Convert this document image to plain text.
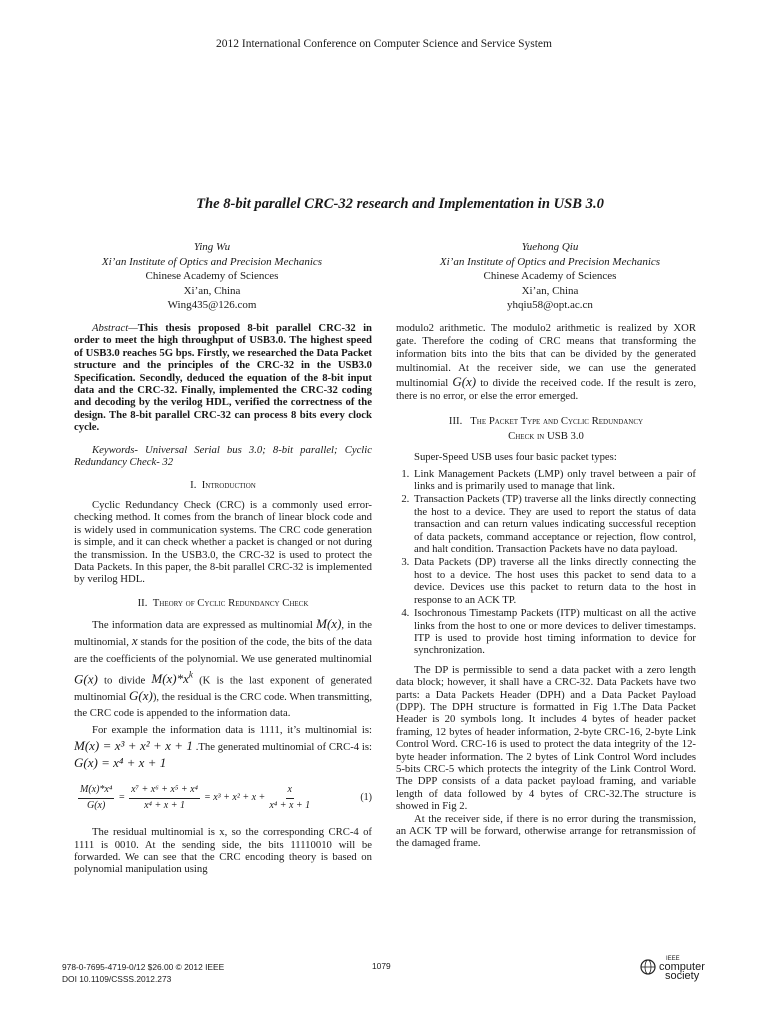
2012 International Conference on Computer Science and Service System
The 8-bit parallel CRC-32 research and Implementation in USB 3.0
Ying Wu
Xi’an Institute of Optics and Precision Mechanics
Chinese Academy of Sciences
Xi’an, China
Wing435@126.com
Yuehong Qiu
Xi’an Institute of Optics and Precision Mechanics
Chinese Academy of Sciences
Xi’an, China
yhqiu58@opt.ac.cn

Abstract—This thesis proposed 8-bit parallel CRC-32 in order to meet the high throughput of USB3.0. The highest speed of USB3.0 reaches 5G bps. Firstly, we researched the Data Packet structure and the principles of the CRC-32 in the USB3.0 Specification. Secondly, deduced the equation of the 8-bit input data and the CRC-32. Finally, implemented the CRC-32 coding and decoding by the verilog HDL, verified the correctness of the design. The 8-bit parallel CRC-32 can process 8 bits every clock cycle.

Keywords- Universal Serial bus 3.0; 8-bit parallel; Cyclic Redundancy Check- 32

I. Introduction

Cyclic Redundancy Check (CRC) is a commonly used error-checking method. It comes from the branch of linear block code and is widely used in communication systems. The CRC code generation is simple, and it can check whether a packet is changed or not during the transmission. In the USB3.0, the CRC-32 is used to protect the Data Packets. In this paper, the 8-bit parallel CRC-32 is implemented by verilog HDL.

II. Theory of Cyclic Redundancy Check

The information data are expressed as multinomial M(x), in the multinomial, x stands for the position of the code, the bits of the data are the coefficients of the polynomial. We use generated multinomial G(x) to divide $M(x)*x^k$ (K is the last exponent of generated multinomial G(x)), the residual is the CRC code. When transmitting, the CRC code is appended to the information data.

For example the information data is 1111, it’s multinomial is: M(x) = x³ + x² + x + 1 .The generated multinomial of CRC-4 is: G(x) = x⁴ + x + 1

$\frac{\text{M(x)*x⁴}}{G(x)} = \frac{\text{x⁷ + x⁶ + x⁵ + x⁴}}{\text{x⁴ + x + 1}} = x^3 + x^2 + x + \frac{x}{\text{x⁴ + x + 1}}$	(1)

The residual multinomial is x, so the corresponding CRC-4 of 1111 is 0010. At the sending side, the bits 11110010 will be forwarded. We can see that the CRC encoding theory is based on polynomial manipulation using

modulo2 arithmetic. The modulo2 arithmetic is realized by XOR gate. Therefore the coding of CRC means that transforming the information bits into the bits that can be divided by the generated multinomial. At the receiver side, we can use the generated multinomial G(x) to divide the received code. If the result is zero, there is no error, or else the error emerged.

III. The Packet Type and Cyclic Redundancy
Check in USB 3.0

Super-Speed USB uses four basic packet types:

1. Link Management Packets (LMP) only travel between a pair of links and is primarily used to manage that link.
2. Transaction Packets (TP) traverse all the links directly connecting the host to a device. They are used to report the status of data transaction and can return values indicating successful reception of data packets, command acceptance or rejection, flow control, and halt condition. Transaction Packets have no data payload.
3. Data Packets (DP) traverse all the links directly connecting the host to a device. The host uses this packet to send data to a device. Devices use this packet to return data to the host in response to an ACK TP.
4. Isochronous Timestamp Packets (ITP) multicast on all the active links from the host to one or more devices to deliver timestamps. ITP is used to provide host timing information to device for synchronization.

The DP is permissible to send a data packet with a zero length data block; however, it shall have a CRC-32. Data Packets have two parts: a Data Packets Header (DPH) and a Data Packet Payload (DPP). The DPH structure is formatted in Fig 1.The Data Packet Header is 20 symbols long. It includes 4 bytes of header packet framing, 12 bytes of header information, 2-byte CRC-16, 2-byte Link Control Word. CRC-16 is used to protect the data integrity of the 12-byte header information. The 2 bytes of Link Control Word includes 5-bits CRC-5 which protects the integrity of the Link Control Word. The DPP consists of a data packet payload framing, and variable length of data followed by 4 bytes of CRC-32.The structure is showed in Fig 2.

At the receiver side, if there is no error during the transmission, an ACK TP will be forward, otherwise arrange for retransmission of the damaged frame.

978-0-7695-4719-0/12 $26.00 © 2012 IEEE
DOI 10.1109/CSSS.2012.273
1079
IEEE
computer
society
